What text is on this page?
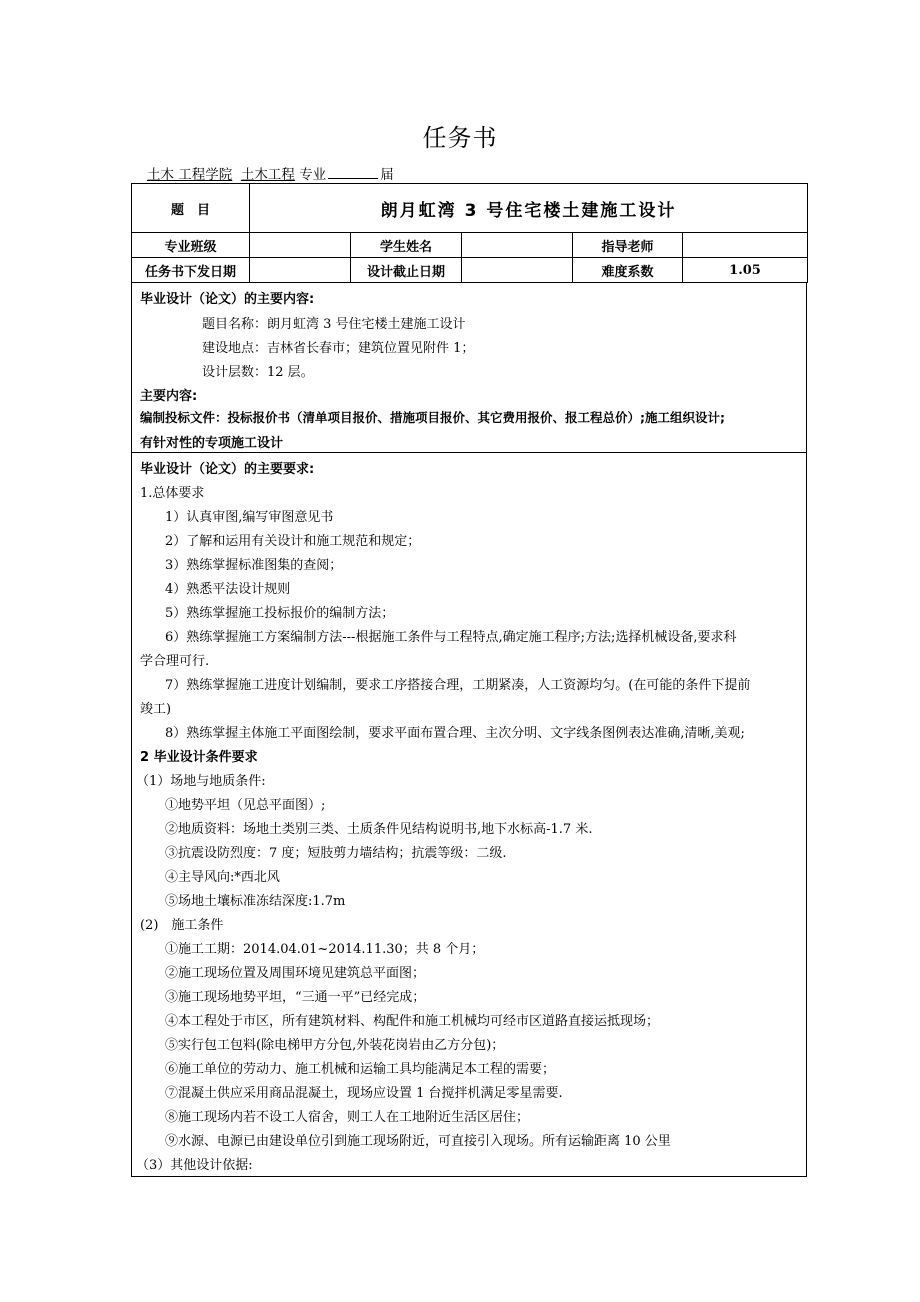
任务书
土木 工程学院 土木工程 专业	届
题　目	朗月虹湾 3 号住宅楼土建施工设计				
专业班级		学生姓名		指导老师	
任务书下发日期		设计截止日期		难度系数	1.05
毕业设计（论文）的主要内容:
题目名称：朗月虹湾 3 号住宅楼土建施工设计
建设地点：吉林省长春市；建筑位置见附件 1；
设计层数：12 层。
主要内容:
编制投标文件：投标报价书（清单项目报价、措施项目报价、其它费用报价、报工程总价）;施工组织设计;
有针对性的专项施工设计
毕业设计（论文）的主要要求:
1.总体要求
1）认真审图,编写审图意见书
2）了解和运用有关设计和施工规范和规定；
3）熟练掌握标准图集的查阅；
4）熟悉平法设计规则
5）熟练掌握施工投标报价的编制方法；
6）熟练掌握施工方案编制方法---根据施工条件与工程特点,确定施工程序;方法;选择机械设备,要求科
学合理可行.
7）熟练掌握施工进度计划编制，要求工序搭接合理，工期紧凑，人工资源均匀。(在可能的条件下提前
竣工)
8）熟练掌握主体施工平面图绘制，要求平面布置合理、主次分明、文字线条图例表达准确,清晰,美观;
2 毕业设计条件要求
（1）场地与地质条件:
①地势平坦（见总平面图）;
②地质资料：场地土类别三类、土质条件见结构说明书,地下水标高-1.7 米.
③抗震设防烈度：7 度；短肢剪力墙结构；抗震等级：二级.
④主导风向:*西北风
⑤场地土壤标准冻结深度:1.7m
(2)　施工条件
①施工工期：2014.04.01~2014.11.30；共 8 个月；
②施工现场位置及周围环境见建筑总平面图；
③施工现场地势平坦，“三通一平”已经完成；
④本工程处于市区，所有建筑材料、构配件和施工机械均可经市区道路直接运抵现场；
⑤实行包工包料(除电梯甲方分包,外装花岗岩由乙方分包)；
⑥施工单位的劳动力、施工机械和运输工具均能满足本工程的需要；
⑦混凝土供应采用商品混凝土，现场应设置 1 台搅拌机满足零星需要.
⑧施工现场内若不设工人宿舍，则工人在工地附近生活区居住；
⑨水源、电源已由建设单位引到施工现场附近，可直接引入现场。所有运输距离 10 公里
（3）其他设计依据:
